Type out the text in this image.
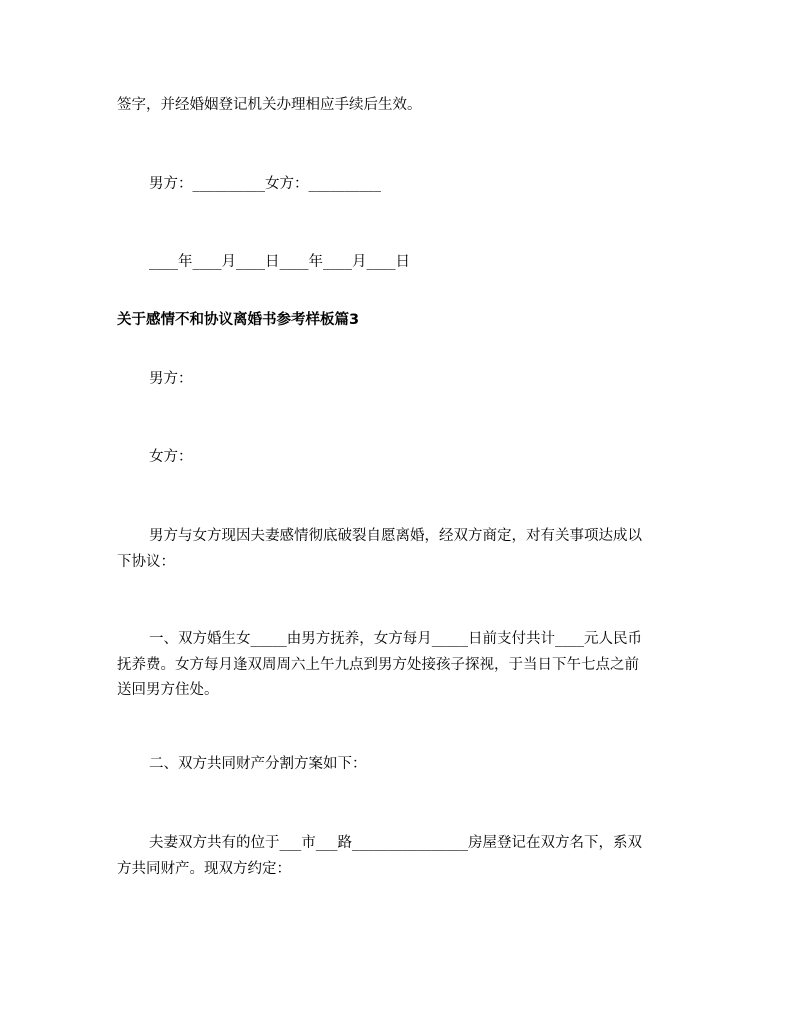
签字，并经婚姻登记机关办理相应手续后生效。
男方：__________女方：__________
____年____月____日____年____月____日
关于感情不和协议离婚书参考样板篇3
男方：
女方：
男方与女方现因夫妻感情彻底破裂自愿离婚，经双方商定，对有关事项达成以
下协议：
一、双方婚生女_____由男方抚养，女方每月_____日前支付共计____元人民币
抚养费。女方每月逢双周周六上午九点到男方处接孩子探视，于当日下午七点之前
送回男方住处。
二、双方共同财产分割方案如下：
夫妻双方共有的位于___市___路________________房屋登记在双方名下，系双
方共同财产。现双方约定：
